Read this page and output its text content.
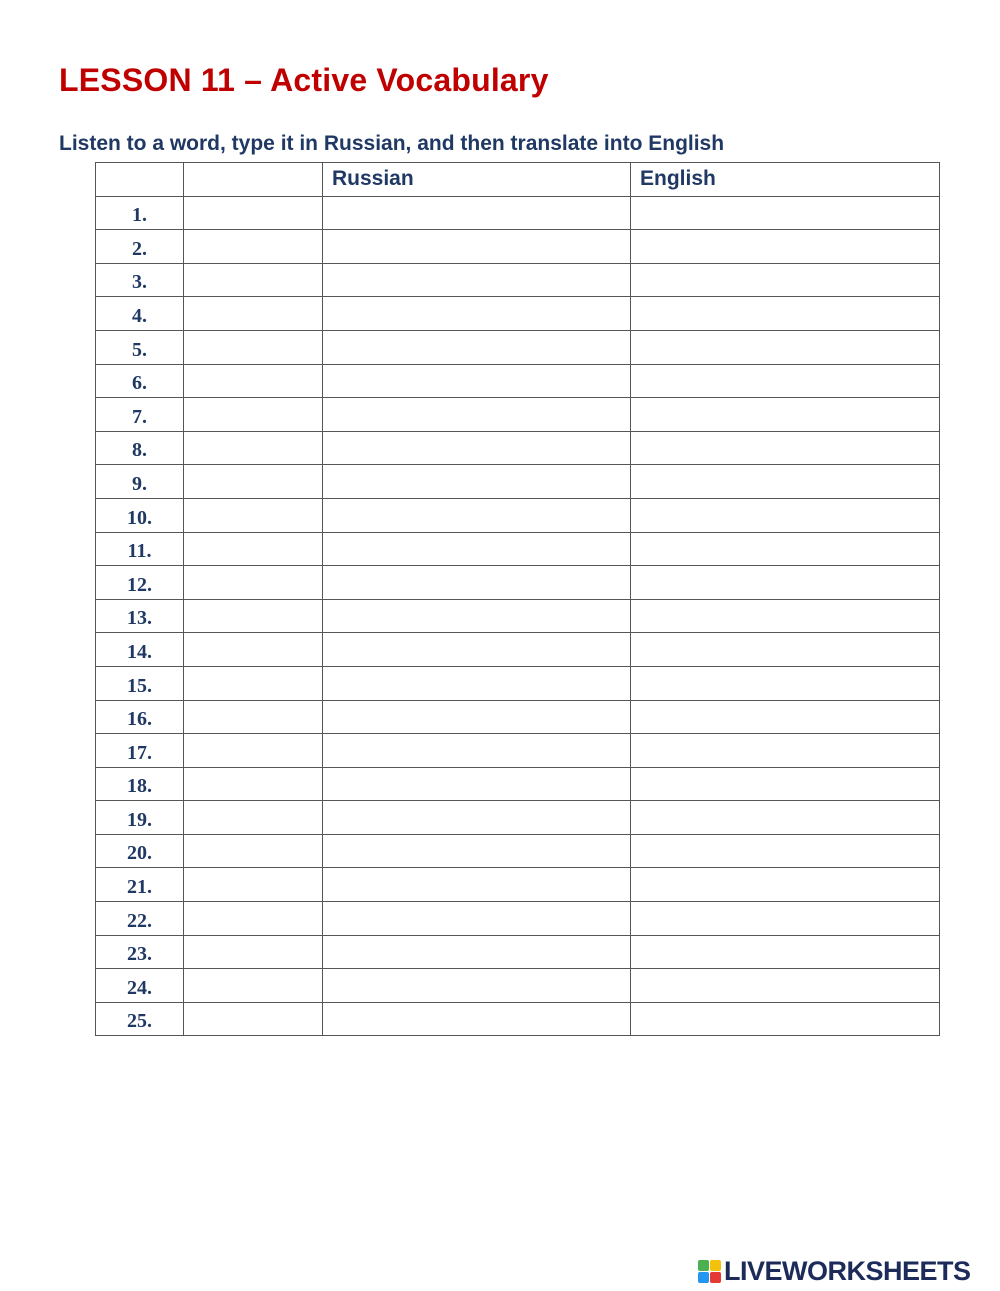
LESSON 11 – Active Vocabulary

Listen to a word, type it in Russian, and then translate into English

		Russian	English
1.			
2.			
3.			
4.			
5.			
6.			
7.			
8.			
9.			
10.			
11.			
12.			
13.			
14.			
15.			
16.			
17.			
18.			
19.			
20.			
21.			
22.			
23.			
24.			
25.			
LIVEWORKSHEETS
